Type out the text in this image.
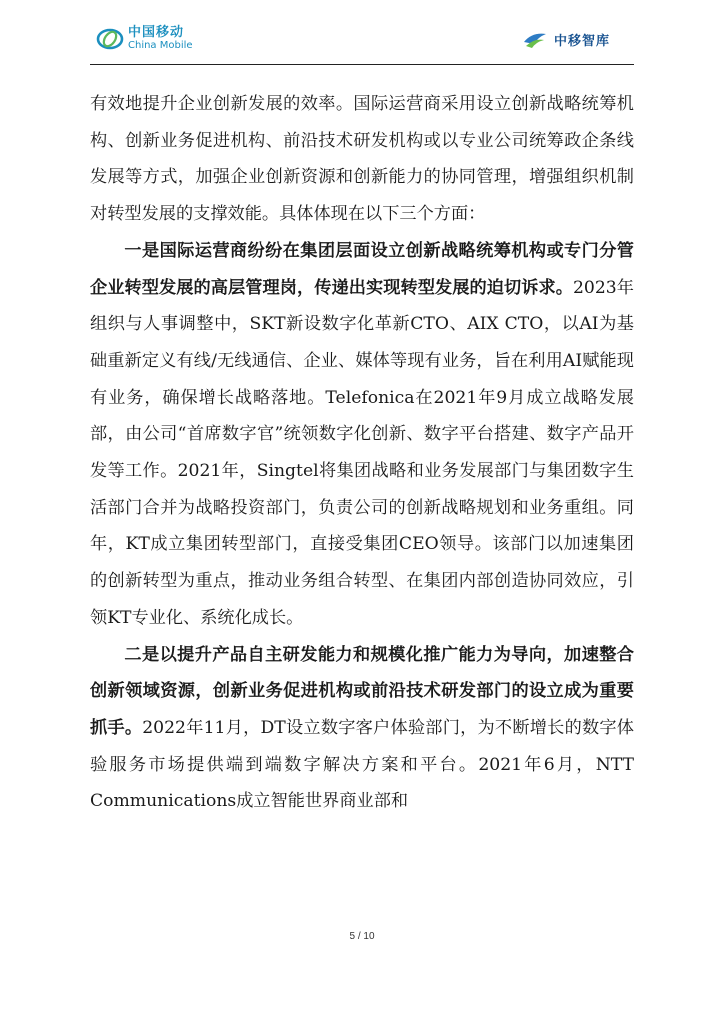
中国移动
China Mobile	中移智库

有效地提升企业创新发展的效率。国际运营商采用设立创新战略统筹机构、创新业务促进机构、前沿技术研发机构或以专业公司统筹政企条线发展等方式，加强企业创新资源和创新能力的协同管理，增强组织机制对转型发展的支撑效能。具体体现在以下三个方面：

一是国际运营商纷纷在集团层面设立创新战略统筹机构或专门分管企业转型发展的高层管理岗，传递出实现转型发展的迫切诉求。2023年组织与人事调整中，SKT新设数字化革新CTO、AIX CTO，以AI为基础重新定义有线/无线通信、企业、媒体等现有业务，旨在利用AI赋能现有业务，确保增长战略落地。Telefonica在2021年9月成立战略发展部，由公司“首席数字官”统领数字化创新、数字平台搭建、数字产品开发等工作。2021年，Singtel将集团战略和业务发展部门与集团数字生活部门合并为战略投资部门，负责公司的创新战略规划和业务重组。同年，KT成立集团转型部门，直接受集团CEO领导。该部门以加速集团的创新转型为重点，推动业务组合转型、在集团内部创造协同效应，引领KT专业化、系统化成长。

二是以提升产品自主研发能力和规模化推广能力为导向，加速整合创新领域资源，创新业务促进机构或前沿技术研发部门的设立成为重要抓手。2022年11月，DT设立数字客户体验部门，为不断增长的数字体验服务市场提供端到端数字解决方案和平台。2021年6月，NTT Communications成立智能世界商业部和

5 / 10
